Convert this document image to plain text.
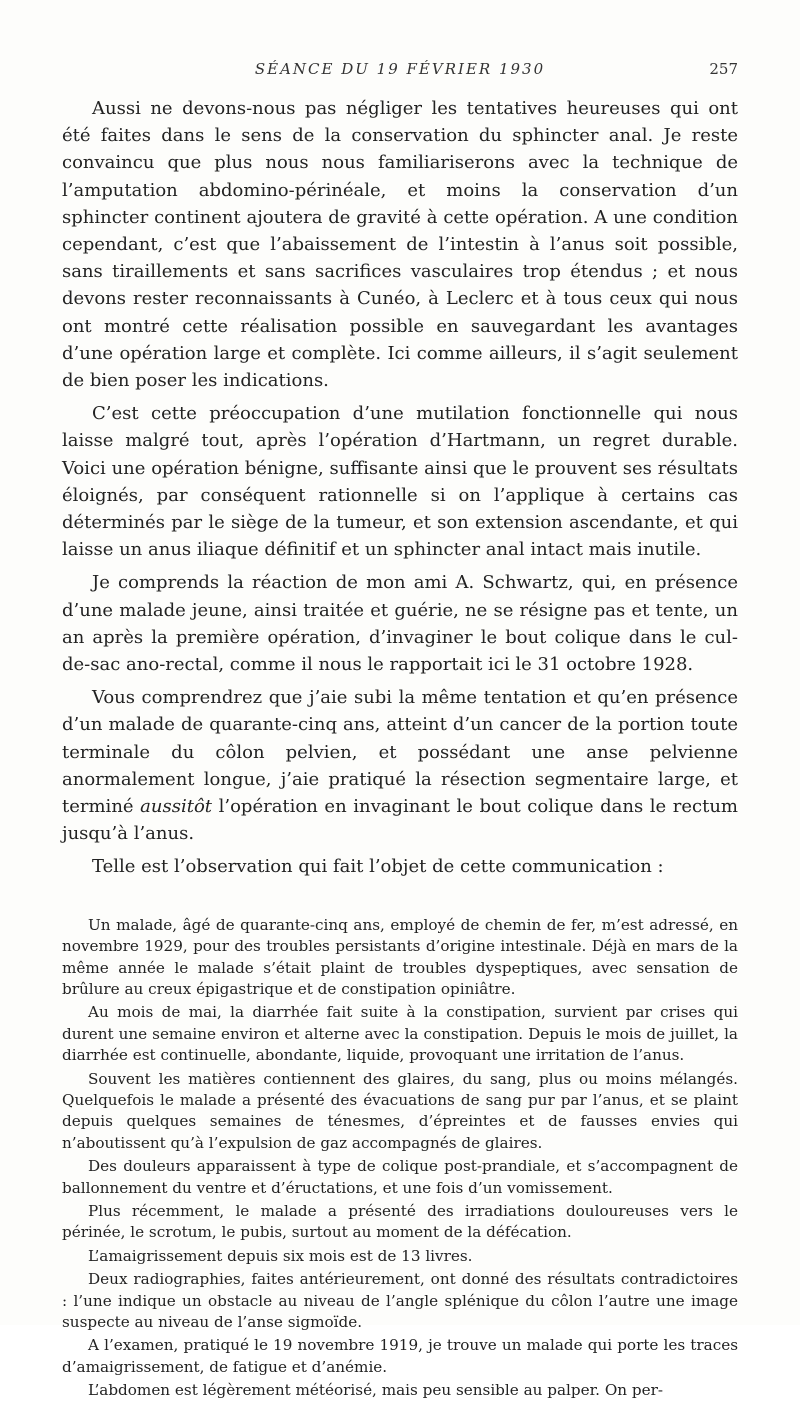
SÉANCE DU 19 FÉVRIER 1930	257

Aussi ne devons-nous pas négliger les tentatives heureuses qui ont été faites dans le sens de la conservation du sphincter anal. Je reste convaincu que plus nous nous familiariserons avec la technique de l’amputation abdomino-périnéale, et moins la conservation d’un sphincter continent ajoutera de gravité à cette opération. A une condition cependant, c’est que l’abaissement de l’intestin à l’anus soit possible, sans tiraillements et sans sacrifices vasculaires trop étendus ; et nous devons rester reconnaissants à Cunéo, à Leclerc et à tous ceux qui nous ont montré cette réalisation possible en sauvegardant les avantages d’une opération large et complète. Ici comme ailleurs, il s’agit seulement de bien poser les indications.

C’est cette préoccupation d’une mutilation fonctionnelle qui nous laisse malgré tout, après l’opération d’Hartmann, un regret durable. Voici une opération bénigne, suffisante ainsi que le prouvent ses résultats éloignés, par conséquent rationnelle si on l’applique à certains cas déterminés par le siège de la tumeur, et son extension ascendante, et qui laisse un anus iliaque définitif et un sphincter anal intact mais inutile.

Je comprends la réaction de mon ami A. Schwartz, qui, en présence d’une malade jeune, ainsi traitée et guérie, ne se résigne pas et tente, un an après la première opération, d’invaginer le bout colique dans le cul-de-sac ano-rectal, comme il nous le rapportait ici le 31 octobre 1928.

Vous comprendrez que j’aie subi la même tentation et qu’en présence d’un malade de quarante-cinq ans, atteint d’un cancer de la portion toute terminale du côlon pelvien, et possédant une anse pelvienne anormalement longue, j’aie pratiqué la résection segmentaire large, et terminé aussitôt l’opération en invaginant le bout colique dans le rectum jusqu’à l’anus.

Telle est l’observation qui fait l’objet de cette communication :

Un malade, âgé de quarante-cinq ans, employé de chemin de fer, m’est adressé, en novembre 1929, pour des troubles persistants d’origine intestinale. Déjà en mars de la même année le malade s’était plaint de troubles dyspeptiques, avec sensation de brûlure au creux épigastrique et de constipation opiniâtre.

Au mois de mai, la diarrhée fait suite à la constipation, survient par crises qui durent une semaine environ et alterne avec la constipation. Depuis le mois de juillet, la diarrhée est continuelle, abondante, liquide, provoquant une irritation de l’anus.

Souvent les matières contiennent des glaires, du sang, plus ou moins mélangés. Quelquefois le malade a présenté des évacuations de sang pur par l’anus, et se plaint depuis quelques semaines de ténesmes, d’épreintes et de fausses envies qui n’aboutissent qu’à l’expulsion de gaz accompagnés de glaires.

Des douleurs apparaissent à type de colique post-prandiale, et s’accompagnent de ballonnement du ventre et d’éructations, et une fois d’un vomissement.

Plus récemment, le malade a présenté des irradiations douloureuses vers le périnée, le scrotum, le pubis, surtout au moment de la défécation.

L’amaigrissement depuis six mois est de 13 livres.

Deux radiographies, faites antérieurement, ont donné des résultats contradictoires : l’une indique un obstacle au niveau de l’angle splénique du côlon l’autre une image suspecte au niveau de l’anse sigmoïde.

A l’examen, pratiqué le 19 novembre 1919, je trouve un malade qui porte les traces d’amaigrissement, de fatigue et d’anémie.

L’abdomen est légèrement météorisé, mais peu sensible au palper. On per-
